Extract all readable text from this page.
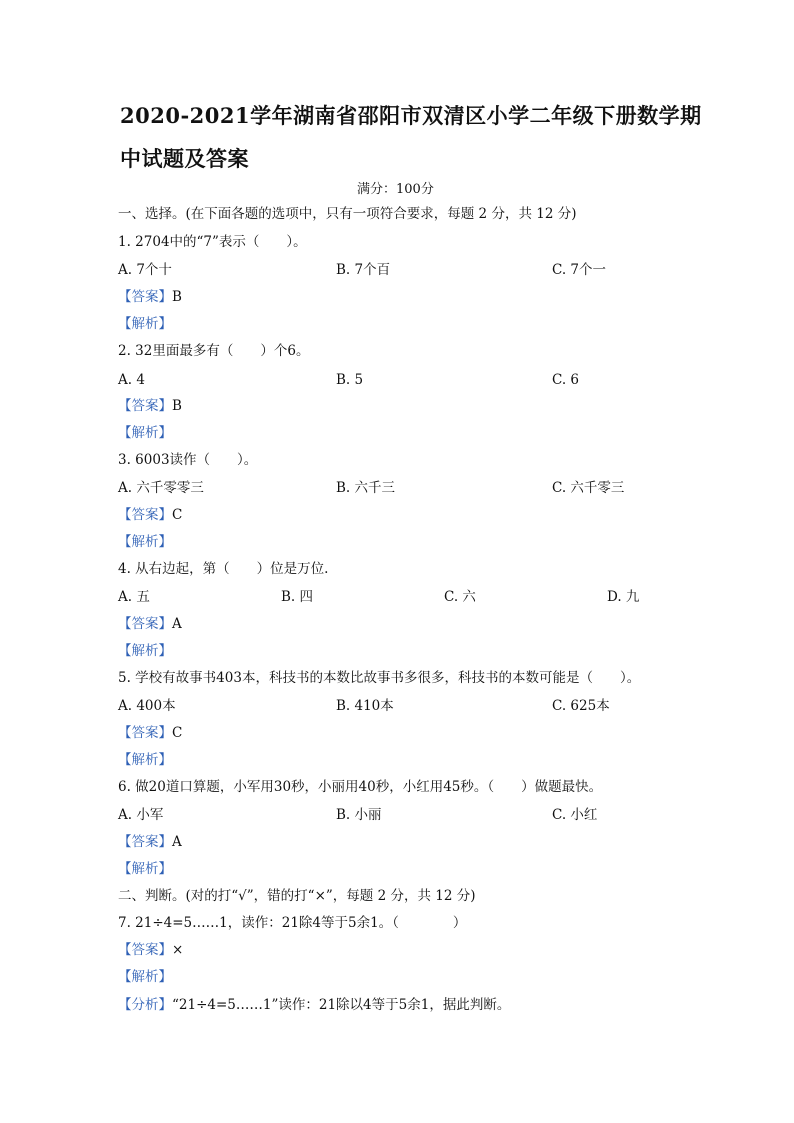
2020-2021学年湖南省邵阳市双清区小学二年级下册数学期
中试题及答案
满分：100分
一、选择。(在下面各题的选项中，只有一项符合要求，每题 2 分，共 12 分)
1. 2704中的“7”表示（　　）。
A. 7个十	B. 7个百	C. 7个一
【答案】B
【解析】
2. 32里面最多有（　　）个6。
A. 4	B. 5	C. 6
【答案】B
【解析】
3. 6003读作（　　）。
A. 六千零零三	B. 六千三	C. 六千零三
【答案】C
【解析】
4. 从右边起，第（　　）位是万位.
A. 五	B. 四	C. 六	D. 九
【答案】A
【解析】
5. 学校有故事书403本，科技书的本数比故事书多很多，科技书的本数可能是（　　）。
A. 400本	B. 410本	C. 625本
【答案】C
【解析】
6. 做20道口算题，小军用30秒，小丽用40秒，小红用45秒。（　　）做题最快。
A. 小军	B. 小丽	C. 小红
【答案】A
【解析】
二、判断。(对的打“√”，错的打“×”，每题 2 分，共 12 分)
7. 21÷4=5……1，读作：21除4等于5余1。（　　　　）
【答案】×
【解析】
【分析】“21÷4=5……1”读作：21除以4等于5余1，据此判断。
